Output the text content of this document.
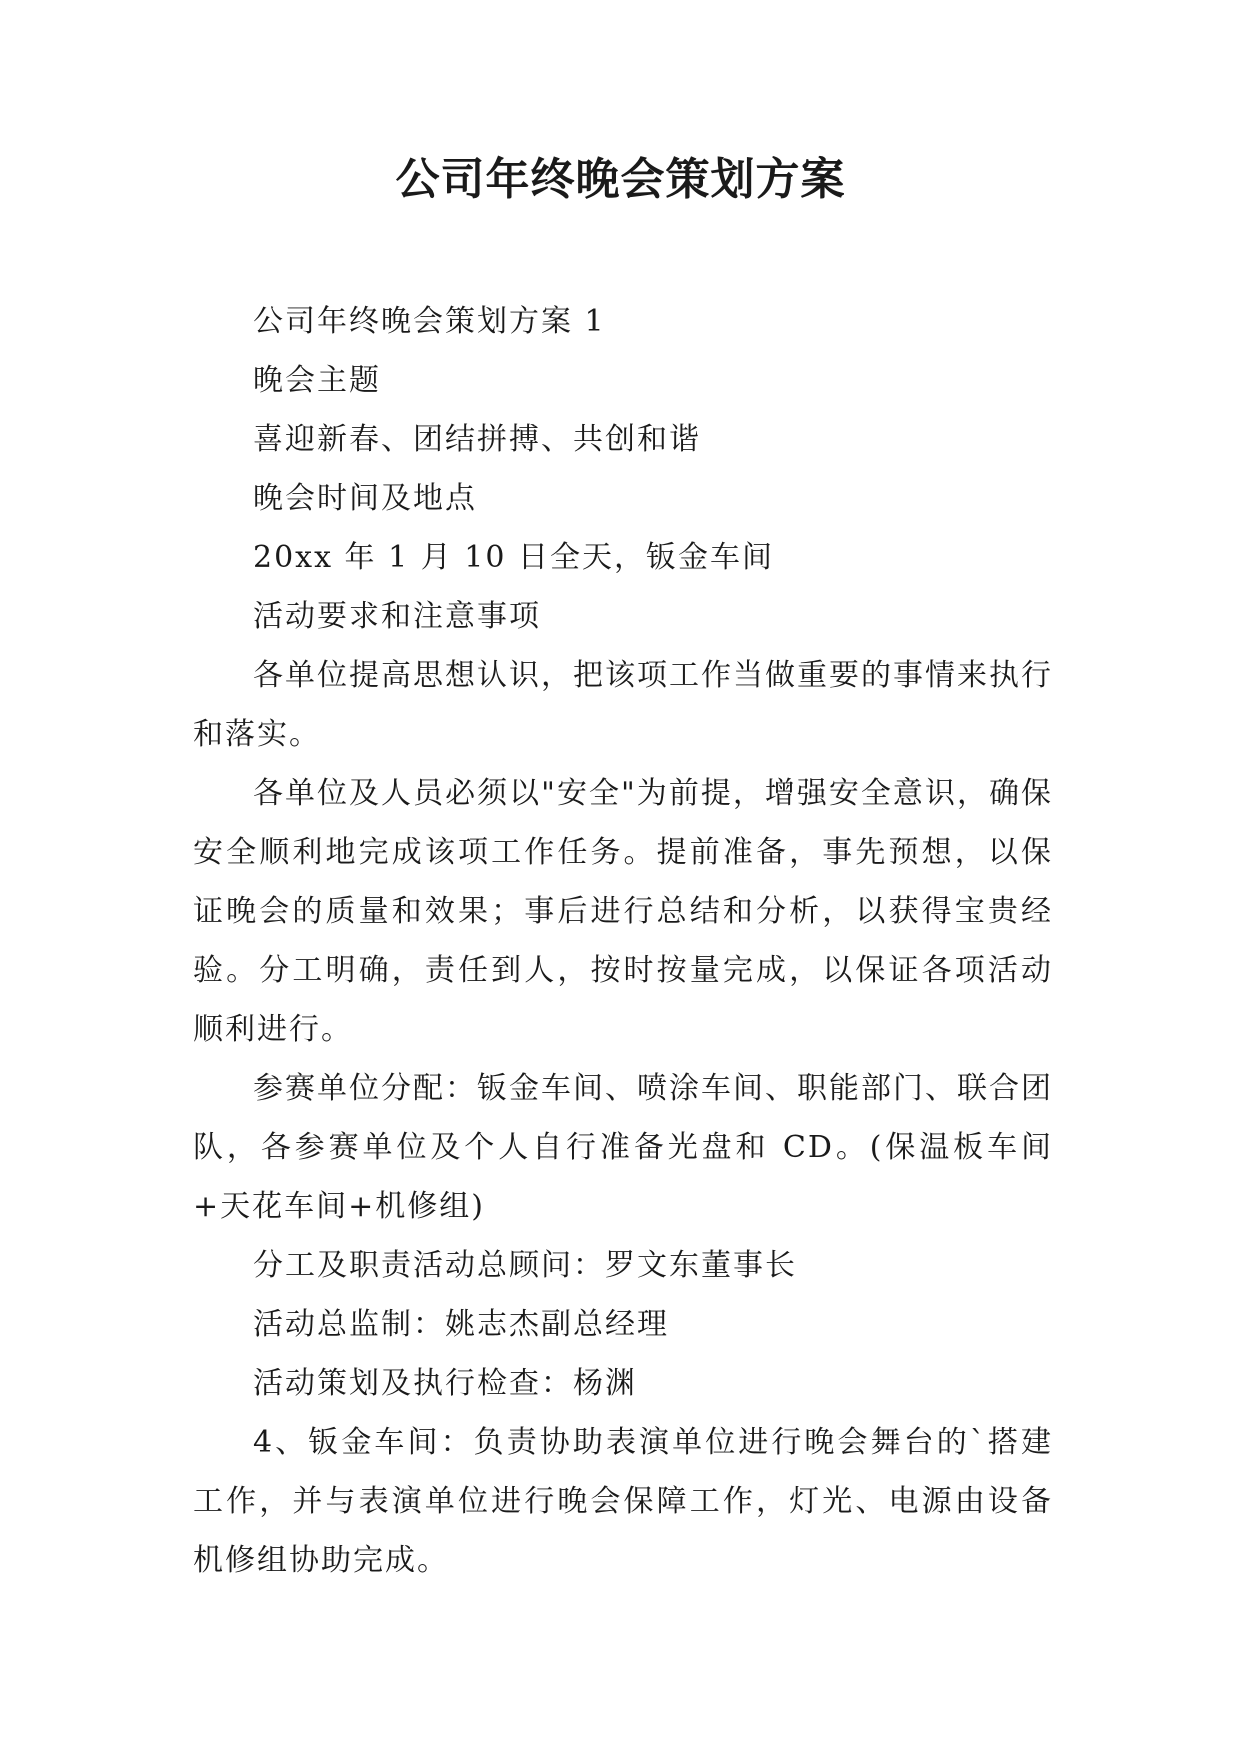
公司年终晚会策划方案

公司年终晚会策划方案 1

晚会主题

喜迎新春、团结拼搏、共创和谐

晚会时间及地点

20xx 年 1 月 10 日全天，钣金车间

活动要求和注意事项

各单位提高思想认识，把该项工作当做重要的事情来执行和落实。

各单位及人员必须以"安全"为前提，增强安全意识，确保安全顺利地完成该项工作任务。提前准备，事先预想，以保证晚会的质量和效果；事后进行总结和分析，以获得宝贵经验。分工明确，责任到人，按时按量完成，以保证各项活动顺利进行。

参赛单位分配：钣金车间、喷涂车间、职能部门、联合团队，各参赛单位及个人自行准备光盘和 CD。(保温板车间+天花车间+机修组)

分工及职责活动总顾问：罗文东董事长

活动总监制：姚志杰副总经理

活动策划及执行检查：杨渊

4、钣金车间：负责协助表演单位进行晚会舞台的`搭建工作，并与表演单位进行晚会保障工作，灯光、电源由设备机修组协助完成。
